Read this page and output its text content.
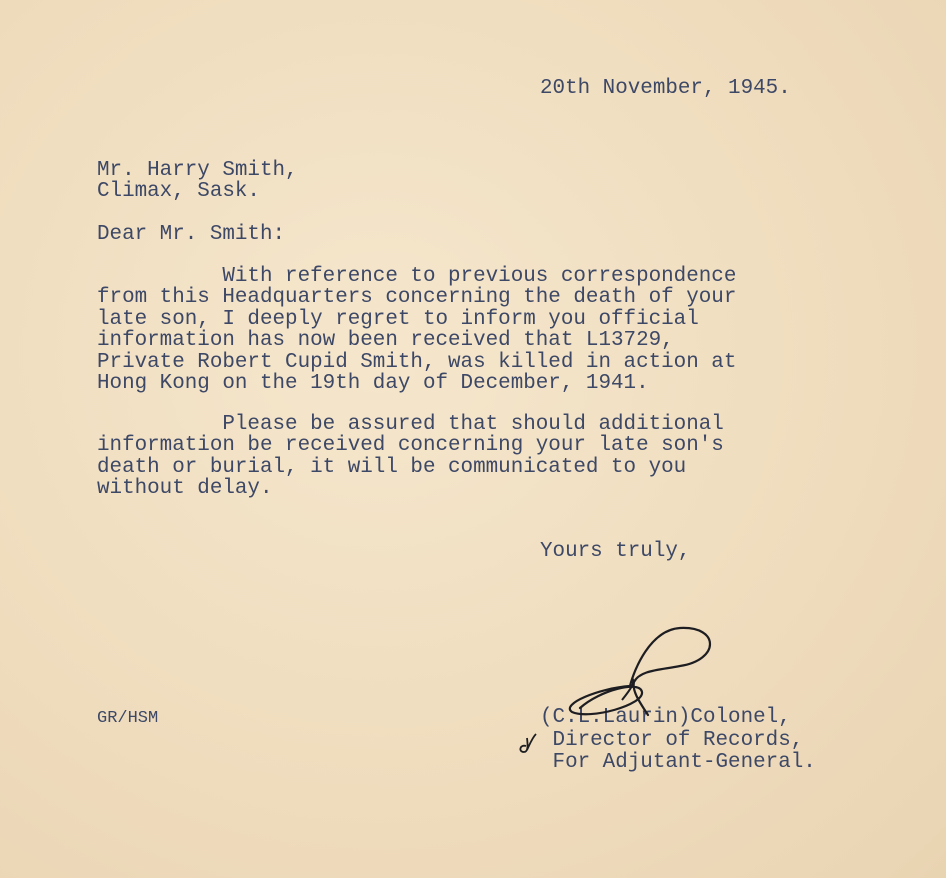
20th November, 1945.
Mr. Harry Smith,
Climax, Sask.
Dear Mr. Smith:
With reference to previous correspondence
from this Headquarters concerning the death of your
late son, I deeply regret to inform you official
information has now been received that L13729,
Private Robert Cupid Smith, was killed in action at
Hong Kong on the 19th day of December, 1941.
Please be assured that should additional
information be received concerning your late son's
death or burial, it will be communicated to you
without delay.
Yours truly,
GR/HSM	(C.L.Laurin)Colonel,
Director of Records,
For Adjutant-General.
